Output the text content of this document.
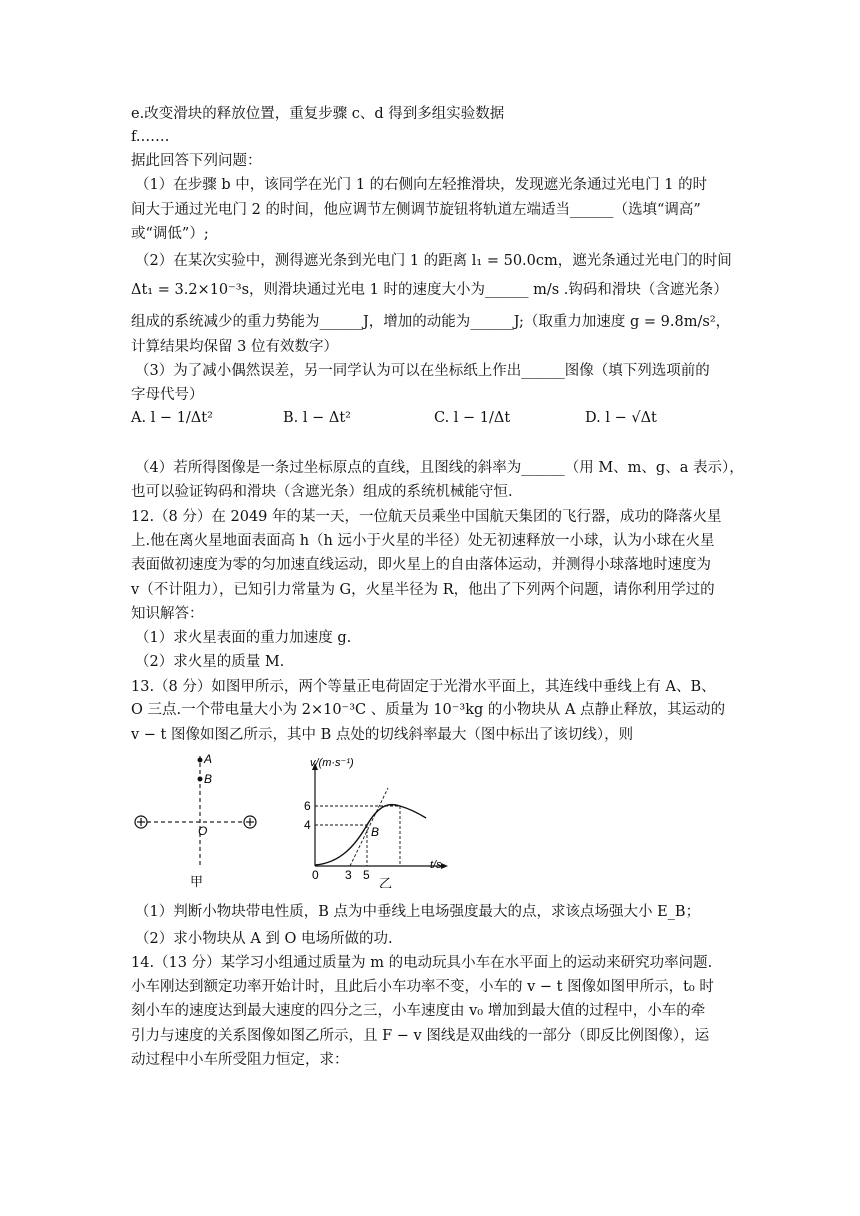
e.改变滑块的释放位置，重复步骤 c、d 得到多组实验数据
f.……
据此回答下列问题：
（1）在步骤 b 中，该同学在光门 1 的右侧向左轻推滑块，发现遮光条通过光电门 1 的时
间大于通过光电门 2 的时间，他应调节左侧调节旋钮将轨道左端适当______（选填“调高”
或“调低”）;
（2）在某次实验中，测得遮光条到光电门 1 的距离 l₁ = 50.0cm，遮光条通过光电门的时间
Δt₁ = 3.2×10⁻³s，则滑块通过光电 1 时的速度大小为______ m/s .钩码和滑块（含遮光条）
组成的系统减少的重力势能为______J，增加的动能为______J;（取重力加速度 g = 9.8m/s²，
计算结果均保留 3 位有效数字）
（3）为了减小偶然误差，另一同学认为可以在坐标纸上作出______图像（填下列选项前的
字母代号）
A. l − 1/Δt²	B. l − Δt²	C. l − 1/Δt	D. l − √Δt
（4）若所得图像是一条过坐标原点的直线，且图线的斜率为______（用 M、m、g、a 表示），
也可以验证钩码和滑块（含遮光条）组成的系统机械能守恒.
12.（8 分）在 2049 年的某一天，一位航天员乘坐中国航天集团的飞行器，成功的降落火星
上.他在离火星地面表面高 h（h 远小于火星的半径）处无初速释放一小球，认为小球在火星
表面做初速度为零的匀加速直线运动，即火星上的自由落体运动，并测得小球落地时速度为
v（不计阻力），已知引力常量为 G，火星半径为 R，他出了下列两个问题，请你利用学过的
知识解答：
（1）求火星表面的重力加速度 g.
（2）求火星的质量 M.
13.（8 分）如图甲所示，两个等量正电荷固定于光滑水平面上，其连线中垂线上有 A、B、
O 三点.一个带电量大小为 2×10⁻³C 、质量为 10⁻³kg 的小物块从 A 点静止释放，其运动的
v − t 图像如图乙所示，其中 B 点处的切线斜率最大（图中标出了该切线），则
A
B
O
甲
v/(m·s⁻¹)
t/s
6
4
0 3 5
B
乙
（1）判断小物块带电性质，B 点为中垂线上电场强度最大的点，求该点场强大小 E_B；
（2）求小物块从 A 到 O 电场所做的功.
14.（13 分）某学习小组通过质量为 m 的电动玩具小车在水平面上的运动来研究功率问题.
小车刚达到额定功率开始计时，且此后小车功率不变，小车的 v − t 图像如图甲所示，t₀ 时
刻小车的速度达到最大速度的四分之三，小车速度由 v₀ 增加到最大值的过程中，小车的牵
引力与速度的关系图像如图乙所示，且 F − v 图线是双曲线的一部分（即反比例图像），运
动过程中小车所受阻力恒定，求：
